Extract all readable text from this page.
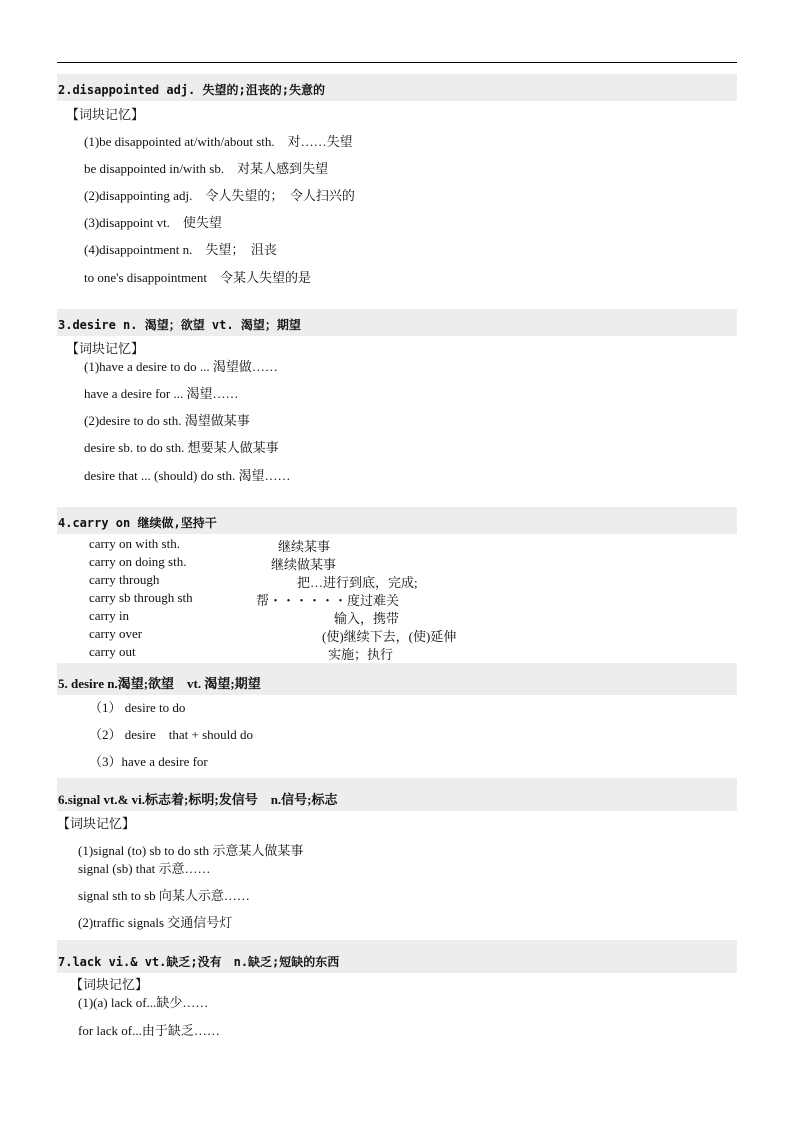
2.disappointed adj. 失望的;沮丧的;失意的
【词块记忆】
(1)be disappointed at/with/about sth.　对……失望
be disappointed in/with sb.　对某人感到失望
(2)disappointing adj.　令人失望的；　令人扫兴的
(3)disappoint vt.　使失望
(4)disappointment n.　失望；　沮丧
to one's disappointment　令某人失望的是
3.desire n. 渴望；欲望 vt. 渴望；期望
【词块记忆】
(1)have a desire to do ... 渴望做……
have a desire for ... 渴望……
(2)desire to do sth. 渴望做某事
desire sb. to do sth. 想要某人做某事
desire that ... (should) do sth. 渴望……
4.carry on 继续做,坚持干
carry on with sth.	继续某事
carry on doing sth.	继续做某事
carry through	把…进行到底，完成;
carry sb through sth	帮・・・・・・度过难关
carry in	输入，携带
carry over	(使)继续下去，(使)延伸
carry out	实施；执行
5. desire n.渴望;欲望　vt. 渴望;期望
（1） desire to do
（2） desire　that + should do
（3）have a desire for
6.signal vt.& vi.标志着;标明;发信号　n.信号;标志
【词块记忆】
(1)signal (to) sb to do sth 示意某人做某事
signal (sb) that 示意……
signal sth to sb 向某人示意……
(2)traffic signals 交通信号灯
7.lack vi.& vt.缺乏;没有　n.缺乏;短缺的东西
【词块记忆】
(1)(a) lack of...缺少……
for lack of...由于缺乏……
